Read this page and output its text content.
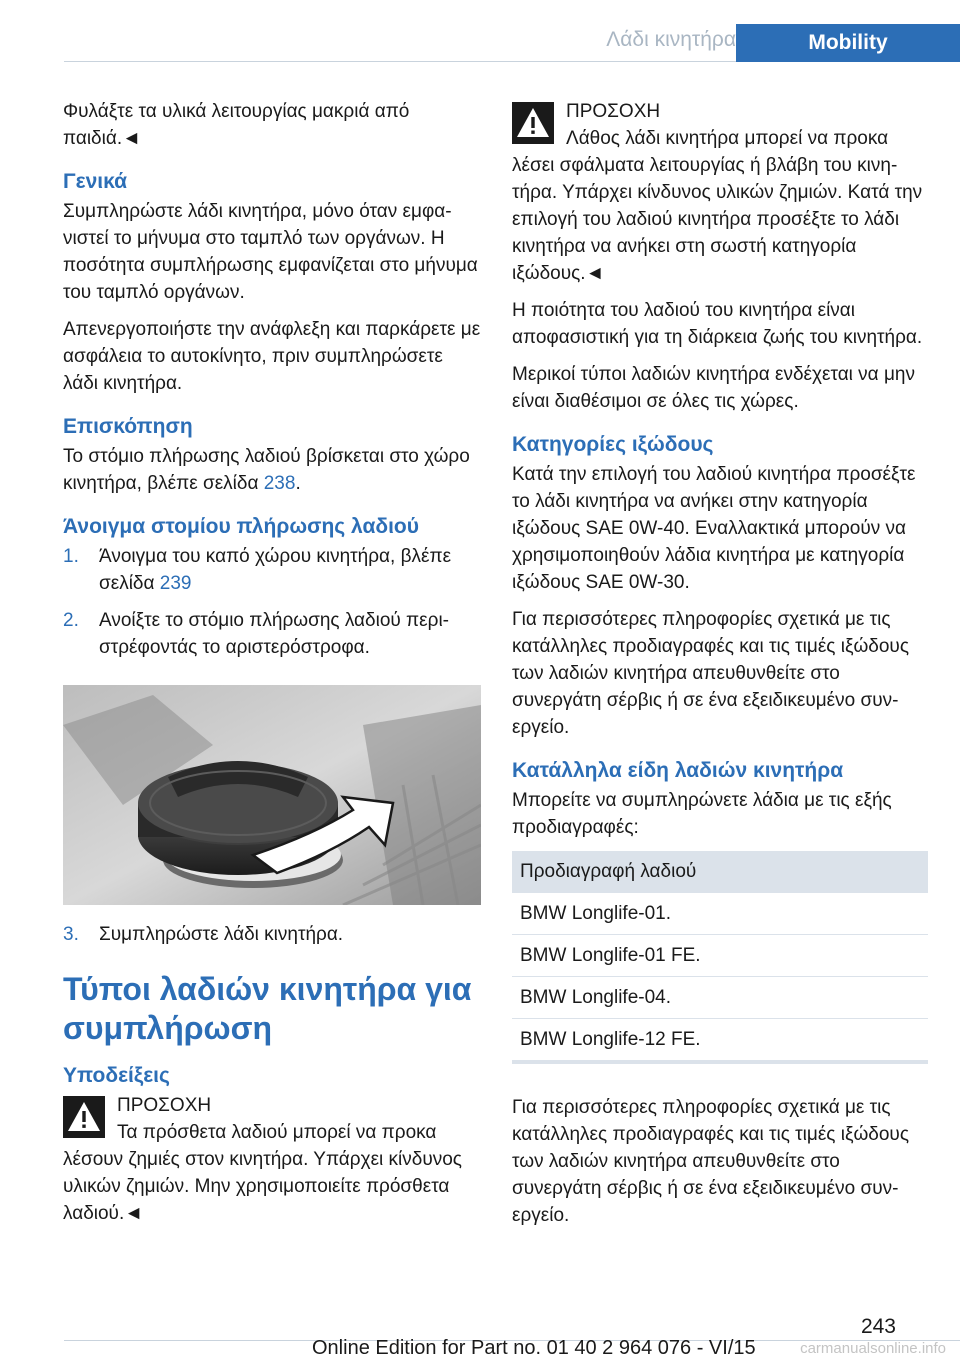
Λάδι κινητήρα	Mobility

Φυλάξτε τα υλικά λειτουργίας μακριά από παιδιά.◄

Γενικά

Συμπληρώστε λάδι κινητήρα, μόνο όταν εμφανιστεί το μήνυμα στο ταμπλό των οργάνων. Η ποσότητα συμπλήρωσης εμφανίζεται στο μήνυμα του ταμπλό οργάνων.

Απενεργοποιήστε την ανάφλεξη και παρκάρετε με ασφάλεια το αυτοκίνητο, πριν συμπληρώσετε λάδι κινητήρα.

Επισκόπηση

Το στόμιο πλήρωσης λαδιού βρίσκεται στο χώρο κινητήρα, βλέπε σελίδα 238.

Άνοιγμα στομίου πλήρωσης λαδιού
1. Άνοιγμα του καπό χώρου κινητήρα, βλέπε σελίδα 239
2. Ανοίξτε το στόμιο πλήρωσης λαδιού περιστρέφοντάς το αριστερόστροφα.
3. Συμπληρώστε λάδι κινητήρα.
Τύποι λαδιών κινητήρα για συμπλήρωση
Υποδείξεις
ΠΡΟΣΟΧΗ
Τα πρόσθετα λαδιού μπορεί να προκα
λέσουν ζημιές στον κινητήρα. Υπάρχει κίνδυνος υλικών ζημιών. Μην χρησιμοποιείτε πρόσθετα λαδιού.◄
ΠΡΟΣΟΧΗ
Λάθος λάδι κινητήρα μπορεί να προκα
λέσει σφάλματα λειτουργίας ή βλάβη του κινητήρα. Υπάρχει κίνδυνος υλικών ζημιών. Κατά την επιλογή του λαδιού κινητήρα προσέξτε το λάδι κινητήρα να ανήκει στη σωστή κατηγορία ιξώδους.◄

Η ποιότητα του λαδιού του κινητήρα είναι αποφασιστική για τη διάρκεια ζωής του κινητήρα.

Μερικοί τύποι λαδιών κινητήρα ενδέχεται να μην είναι διαθέσιμοι σε όλες τις χώρες.

Κατηγορίες ιξώδους

Κατά την επιλογή του λαδιού κινητήρα προσέξτε το λάδι κινητήρα να ανήκει στην κατηγορία ιξώδους SAE 0W-40. Εναλλακτικά μπορούν να χρησιμοποιηθούν λάδια κινητήρα με κατηγορία ιξώδους SAE 0W-30.

Για περισσότερες πληροφορίες σχετικά με τις κατάλληλες προδιαγραφές και τις τιμές ιξώδους των λαδιών κινητήρα απευθυνθείτε στο συνεργάτη σέρβις ή σε ένα εξειδικευμένο συνεργείο.

Κατάλληλα είδη λαδιών κινητήρα

Μπορείτε να συμπληρώνετε λάδια με τις εξής προδιαγραφές:

Προδιαγραφή λαδιού
BMW Longlife-01.
BMW Longlife-01 FE.
BMW Longlife-04.
BMW Longlife-12 FE.

Για περισσότερες πληροφορίες σχετικά με τις κατάλληλες προδιαγραφές και τις τιμές ιξώδους των λαδιών κινητήρα απευθυνθείτε στο συνεργάτη σέρβις ή σε ένα εξειδικευμένο συνεργείο.

243
Online Edition for Part no. 01 40 2 964 076 - VI/15	carmanualsonline.info
